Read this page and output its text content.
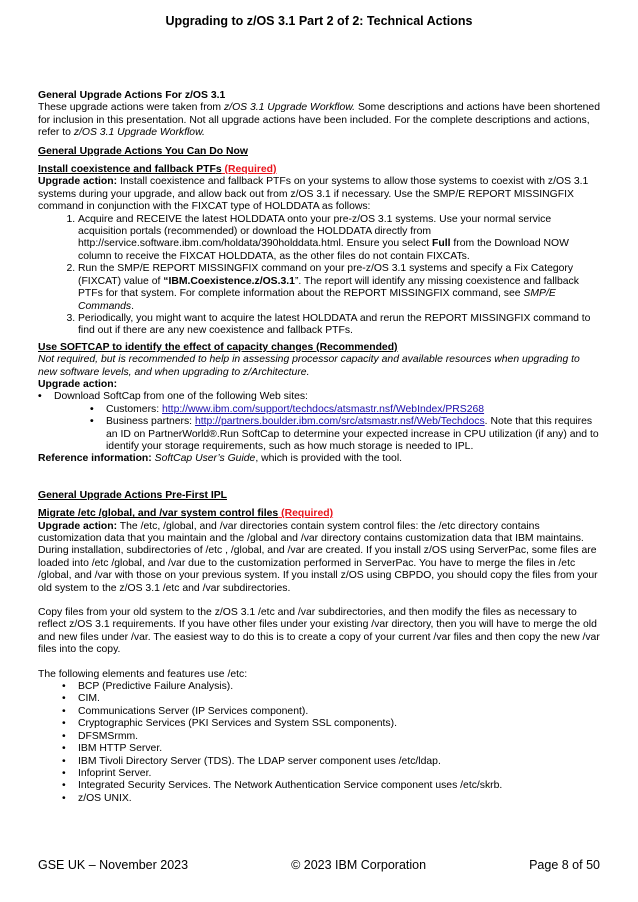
Upgrading to z/OS 3.1 Part 2 of 2: Technical Actions

General Upgrade Actions For z/OS 3.1

These upgrade actions were taken from z/OS 3.1 Upgrade Workflow. Some descriptions and actions have been shortened for inclusion in this presentation. Not all upgrade actions have been included. For the complete descriptions and actions, refer to z/OS 3.1 Upgrade Workflow.

General Upgrade Actions You Can Do Now

Install coexistence and fallback PTFs (Required)

Upgrade action: Install coexistence and fallback PTFs on your systems to allow those systems to coexist with z/OS 3.1 systems during your upgrade, and allow back out from z/OS 3.1 if necessary. Use the SMP/E REPORT MISSINGFIX command in conjunction with the FIXCAT type of HOLDDATA as follows:

1. Acquire and RECEIVE the latest HOLDDATA onto your pre-z/OS 3.1 systems. Use your normal service acquisition portals (recommended) or download the HOLDDATA directly from http://service.software.ibm.com/holdata/390holddata.html. Ensure you select Full from the Download NOW column to receive the FIXCAT HOLDDATA, as the other files do not contain FIXCATs.
2. Run the SMP/E REPORT MISSINGFIX command on your pre-z/OS 3.1 systems and specify a Fix Category (FIXCAT) value of “IBM.Coexistence.z/OS.3.1”. The report will identify any missing coexistence and fallback PTFs for that system. For complete information about the REPORT MISSINGFIX command, see SMP/E Commands.
3. Periodically, you might want to acquire the latest HOLDDATA and rerun the REPORT MISSINGFIX command to find out if there are any new coexistence and fallback PTFs.

Use SOFTCAP to identify the effect of capacity changes (Recommended)

Not required, but is recommended to help in assessing processor capacity and available resources when upgrading to new software levels, and when upgrading to z/Architecture.

Upgrade action:

• Download SoftCap from one of the following Web sites:
• Customers: http://www.ibm.com/support/techdocs/atsmastr.nsf/WebIndex/PRS268
• Business partners: http://partners.boulder.ibm.com/src/atsmastr.nsf/Web/Techdocs. Note that this requires an ID on PartnerWorld®.Run SoftCap to determine your expected increase in CPU utilization (if any) and to identify your storage requirements, such as how much storage is needed to IPL.

Reference information: SoftCap User’s Guide, which is provided with the tool.

General Upgrade Actions Pre-First IPL

Migrate /etc /global, and /var system control files (Required)

Upgrade action: The /etc, /global, and /var directories contain system control files: the /etc directory contains customization data that you maintain and the /global and /var directory contains customization data that IBM maintains. During installation, subdirectories of /etc , /global, and /var are created. If you install z/OS using ServerPac, some files are loaded into /etc /global, and /var due to the customization performed in ServerPac. You have to merge the files in /etc /global, and /var with those on your previous system. If you install z/OS using CBPDO, you should copy the files from your old system to the z/OS 3.1 /etc and /var subdirectories.

Copy files from your old system to the z/OS 3.1 /etc and /var subdirectories, and then modify the files as necessary to reflect z/OS 3.1 requirements. If you have other files under your existing /var directory, then you will have to merge the old and new files under /var. The easiest way to do this is to create a copy of your current /var files and then copy the new /var files into the copy.

The following elements and features use /etc:

• BCP (Predictive Failure Analysis).
• CIM.
• Communications Server (IP Services component).
• Cryptographic Services (PKI Services and System SSL components).
• DFSMSrmm.
• IBM HTTP Server.
• IBM Tivoli Directory Server (TDS). The LDAP server component uses /etc/ldap.
• Infoprint Server.
• Integrated Security Services. The Network Authentication Service component uses /etc/skrb.
• z/OS UNIX.
GSE UK – November 2023	© 2023 IBM Corporation	Page 8 of 50
